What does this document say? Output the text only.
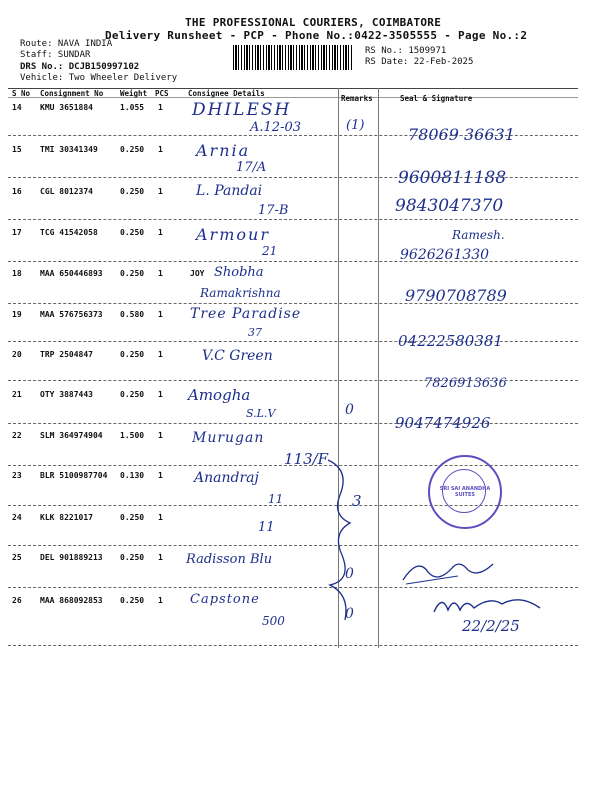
THE PROFESSIONAL COURIERS, COIMBATORE
Delivery Runsheet - PCP - Phone No.:0422-3505555 - Page No.:2
Route: NAVA INDIA
Staff: SUNDAR
DRS No.: DCJB150997102
Vehicle: Two Wheeler Delivery
RS No.: 1509971
RS Date: 22-Feb-2025
S No Consignment No Weight PCS	Consignee Details
Remarks	Seal & Signature
14 KMU 3651884	1.055 1 DHILESH
A.12-03	(1)	78069 36631
15 TMI 30341349	0.250 1 Arnia
17/A
9600811188
16 CGL 8012374	0.250 1 L. Pandai
17-B	9843047370
17 TCG 41542058	0.250 1 Armour
21
Ramesh.
9626261330
18 MAA 650446893 0.250 1	JOY Shobha
Ramakrishna	9790708789
19 MAA 576756373 0.580 1 Tree Paradise
37	04222580381
20 TRP 2504847	0.250 1	V.C Green
7826913636
21 OTY 3887443	0.250 1 Amogha
S.L.V	0
9047474926
22 SLM 364974904 1.500 1 Murugan
113/F
23 BLR 5100987704 0.130 1 Anandraj
11	3
24 KLK 8221017	0.250 1
11
SRI SAI ANANDHA SUITES
25 DEL 901889213 0.250 1 Radisson Blu
0
26 MAA 868092853 0.250 1 Capstone
500	0
22/2/25
